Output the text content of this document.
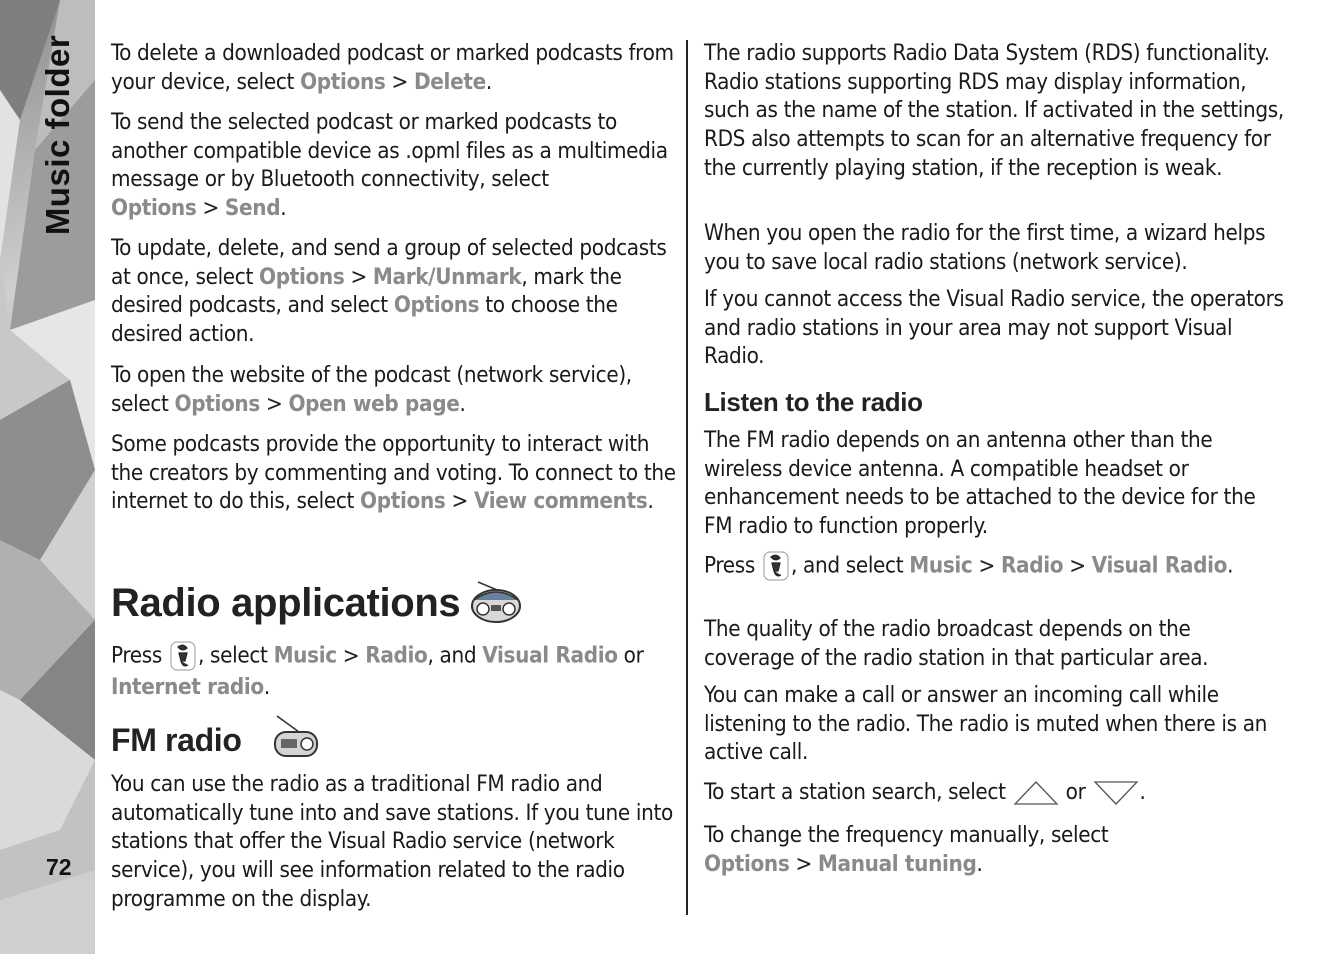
Music folder
72

To delete a downloaded podcast or marked podcasts from your device, select Options > Delete.

To send the selected podcast or marked podcasts to another compatible device as .opml files as a multimedia message or by Bluetooth connectivity, select Options > Send.

To update, delete, and send a group of selected podcasts at once, select Options > Mark/Unmark, mark the desired podcasts, and select Options to choose the desired action.

To open the website of the podcast (network service), select Options > Open web page.

Some podcasts provide the opportunity to interact with the creators by commenting and voting. To connect to the internet to do this, select Options > View comments.

Radio applications

Press , select Music > Radio, and Visual Radio or Internet radio.

FM radio

You can use the radio as a traditional FM radio and automatically tune into and save stations. If you tune into stations that offer the Visual Radio service (network service), you will see information related to the radio programme on the display.

The radio supports Radio Data System (RDS) functionality. Radio stations supporting RDS may display information, such as the name of the station. If activated in the settings, RDS also attempts to scan for an alternative frequency for the currently playing station, if the reception is weak.

When you open the radio for the first time, a wizard helps you to save local radio stations (network service).

If you cannot access the Visual Radio service, the operators and radio stations in your area may not support Visual Radio.

Listen to the radio

The FM radio depends on an antenna other than the wireless device antenna. A compatible headset or enhancement needs to be attached to the device for the FM radio to function properly.

Press , and select Music > Radio > Visual Radio.

The quality of the radio broadcast depends on the coverage of the radio station in that particular area.

You can make a call or answer an incoming call while listening to the radio. The radio is muted when there is an active call.

To start a station search, select  or .

To change the frequency manually, select Options > Manual tuning.
